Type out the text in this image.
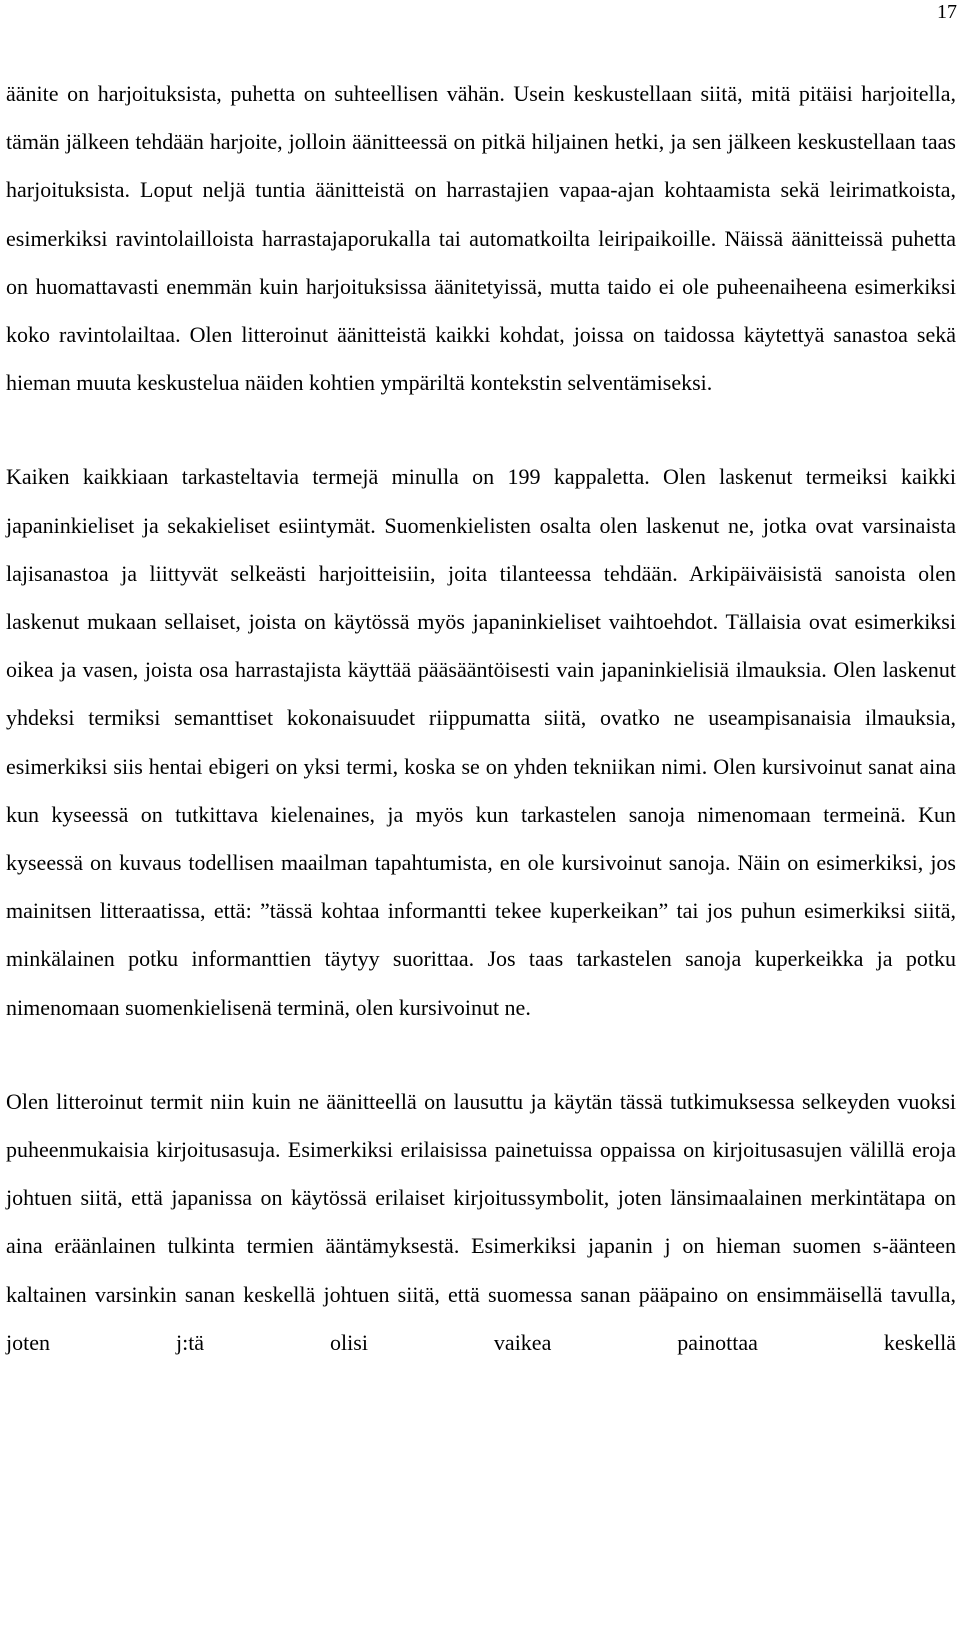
17

äänite on harjoituksista, puhetta on suhteellisen vähän. Usein keskustellaan siitä, mitä pitäisi harjoitella, tämän jälkeen tehdään harjoite, jolloin äänitteessä on pitkä hiljainen hetki, ja sen jälkeen keskustellaan taas harjoituksista. Loput neljä tuntia äänitteistä on harrastajien vapaa-ajan kohtaamista sekä leirimatkoista, esimerkiksi ravintolailloista harrastajaporukalla tai automatkoilta leiripaikoille. Näissä äänitteissä puhetta on huomattavasti enemmän kuin harjoituksissa äänitetyissä, mutta taido ei ole puheenaiheena esimerkiksi koko ravintolailtaa. Olen litteroinut äänitteistä kaikki kohdat, joissa on taidossa käytettyä sanastoa sekä hieman muuta keskustelua näiden kohtien ympäriltä kontekstin selventämiseksi.

Kaiken kaikkiaan tarkasteltavia termejä minulla on 199 kappaletta. Olen laskenut termeiksi kaikki japaninkieliset ja sekakieliset esiintymät. Suomenkielisten osalta olen laskenut ne, jotka ovat varsinaista lajisanastoa ja liittyvät selkeästi harjoitteisiin, joita tilanteessa tehdään. Arkipäiväisistä sanoista olen laskenut mukaan sellaiset, joista on käytössä myös japaninkieliset vaihtoehdot. Tällaisia ovat esimerkiksi oikea ja vasen, joista osa harrastajista käyttää pääsääntöisesti vain japaninkielisiä ilmauksia. Olen laskenut yhdeksi termiksi semanttiset kokonaisuudet riippumatta siitä, ovatko ne useampisanaisia ilmauksia, esimerkiksi siis hentai ebigeri on yksi termi, koska se on yhden tekniikan nimi. Olen kursivoinut sanat aina kun kyseessä on tutkittava kielenaines, ja myös kun tarkastelen sanoja nimenomaan termeinä. Kun kyseessä on kuvaus todellisen maailman tapahtumista, en ole kursivoinut sanoja. Näin on esimerkiksi, jos mainitsen litteraatissa, että: ”tässä kohtaa informantti tekee kuperkeikan” tai jos puhun esimerkiksi siitä, minkälainen potku informanttien täytyy suorittaa. Jos taas tarkastelen sanoja kuperkeikka ja potku nimenomaan suomenkielisenä terminä, olen kursivoinut ne.

Olen litteroinut termit niin kuin ne äänitteellä on lausuttu ja käytän tässä tutkimuksessa selkeyden vuoksi puheenmukaisia kirjoitusasuja. Esimerkiksi erilaisissa painetuissa oppaissa on kirjoitusasujen välillä eroja johtuen siitä, että japanissa on käytössä erilaiset kirjoitussymbolit, joten länsimaalainen merkintätapa on aina eräänlainen tulkinta termien ääntämyksestä. Esimerkiksi japanin j on hieman suomen s-äänteen kaltainen varsinkin sanan keskellä johtuen siitä, että suomessa sanan pääpaino on ensimmäisellä tavulla, joten j:tä olisi vaikea painottaa keskellä
